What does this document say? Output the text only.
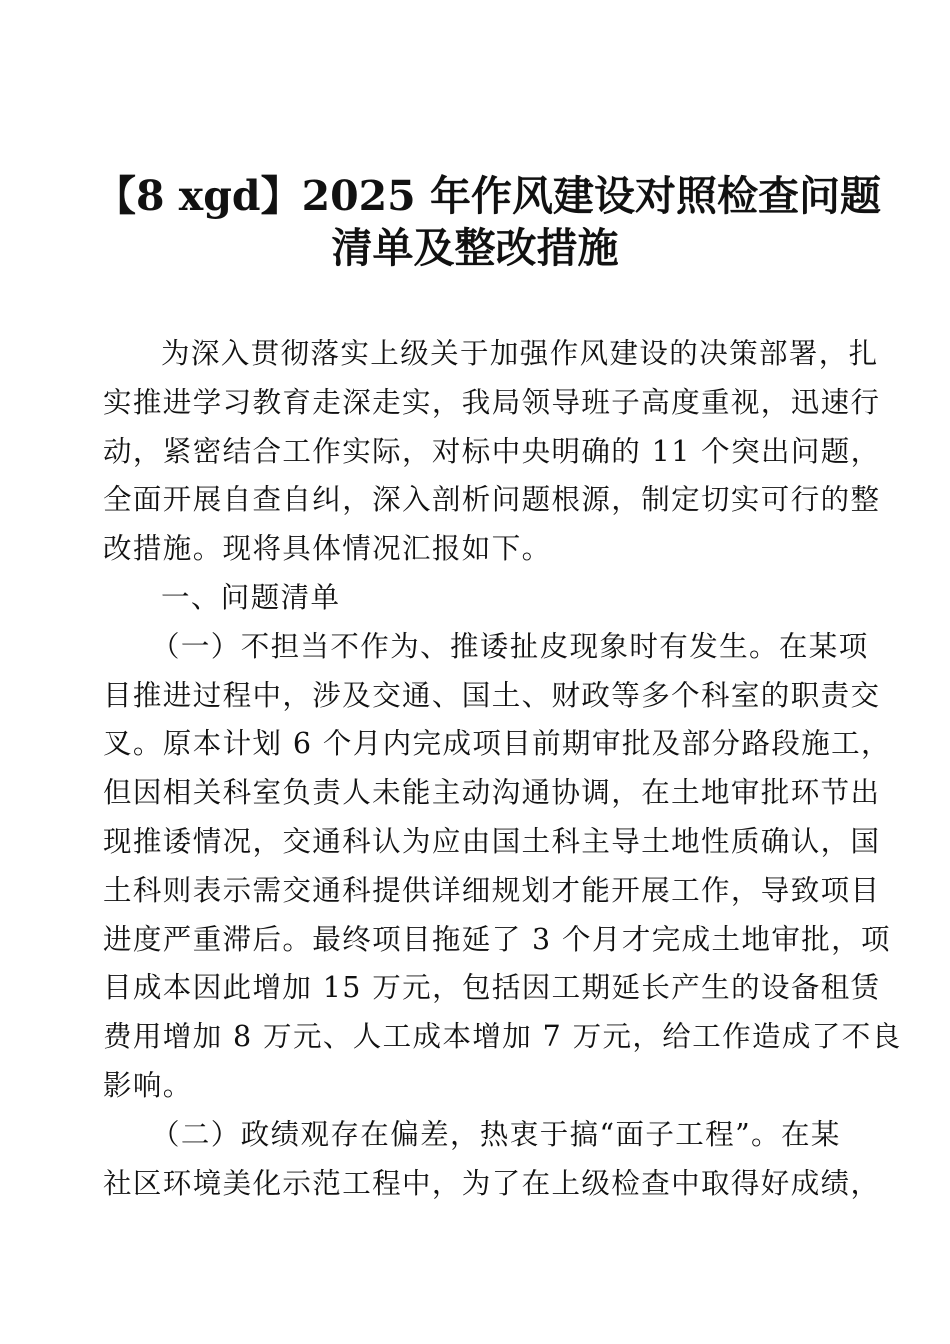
【8 xgd】2025 年作风建设对照检查问题
清单及整改措施
为深入贯彻落实上级关于加强作风建设的决策部署，扎
实推进学习教育走深走实，我局领导班子高度重视，迅速行
动，紧密结合工作实际，对标中央明确的 11 个突出问题，
全面开展自查自纠，深入剖析问题根源，制定切实可行的整
改措施。现将具体情况汇报如下。
一、问题清单
（一）不担当不作为、推诿扯皮现象时有发生。在某项
目推进过程中，涉及交通、国土、财政等多个科室的职责交
叉。原本计划 6 个月内完成项目前期审批及部分路段施工，
但因相关科室负责人未能主动沟通协调，在土地审批环节出
现推诿情况，交通科认为应由国土科主导土地性质确认，国
土科则表示需交通科提供详细规划才能开展工作，导致项目
进度严重滞后。最终项目拖延了 3 个月才完成土地审批，项
目成本因此增加 15 万元，包括因工期延长产生的设备租赁
费用增加 8 万元、人工成本增加 7 万元，给工作造成了不良
影响。
（二）政绩观存在偏差，热衷于搞“面子工程”。在某
社区环境美化示范工程中，为了在上级检查中取得好成绩，
